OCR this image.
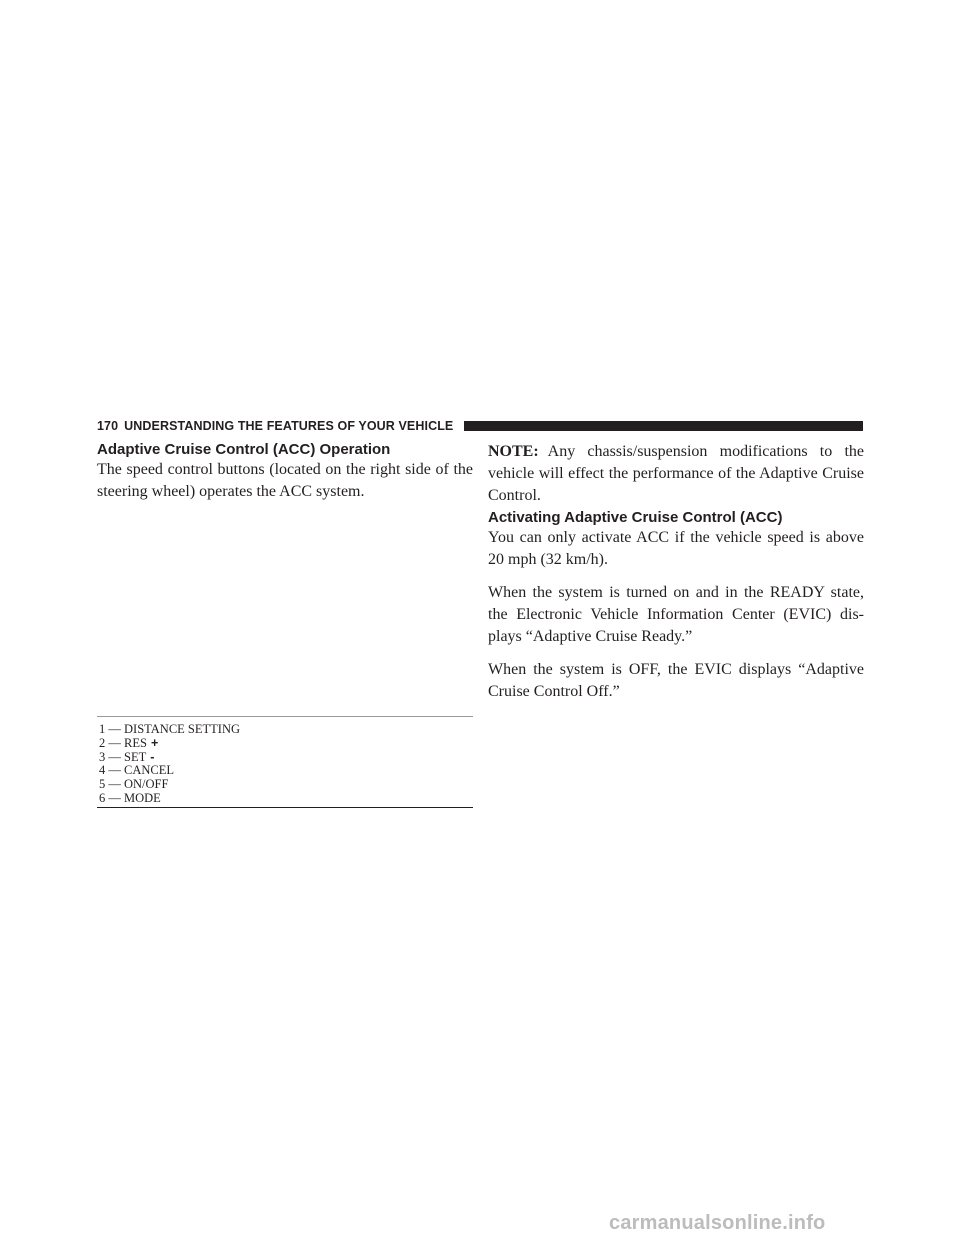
170 UNDERSTANDING THE FEATURES OF YOUR VEHICLE
Adaptive Cruise Control (ACC) Operation
The speed control buttons (located on the right side of the steering wheel) operates the ACC system.
1 — DISTANCE SETTING
2 — RES +
3 — SET -
4 — CANCEL
5 — ON/OFF
6 — MODE
NOTE: Any chassis/suspension modifications to the vehicle will effect the performance of the Adaptive Cruise Control.
Activating Adaptive Cruise Control (ACC)
You can only activate ACC if the vehicle speed is above 20 mph (32 km/h).
When the system is turned on and in the READY state, the Electronic Vehicle Information Center (EVIC) dis- plays “Adaptive Cruise Ready.”
When the system is OFF, the EVIC displays “Adaptive Cruise Control Off.”
carmanualsonline.info
